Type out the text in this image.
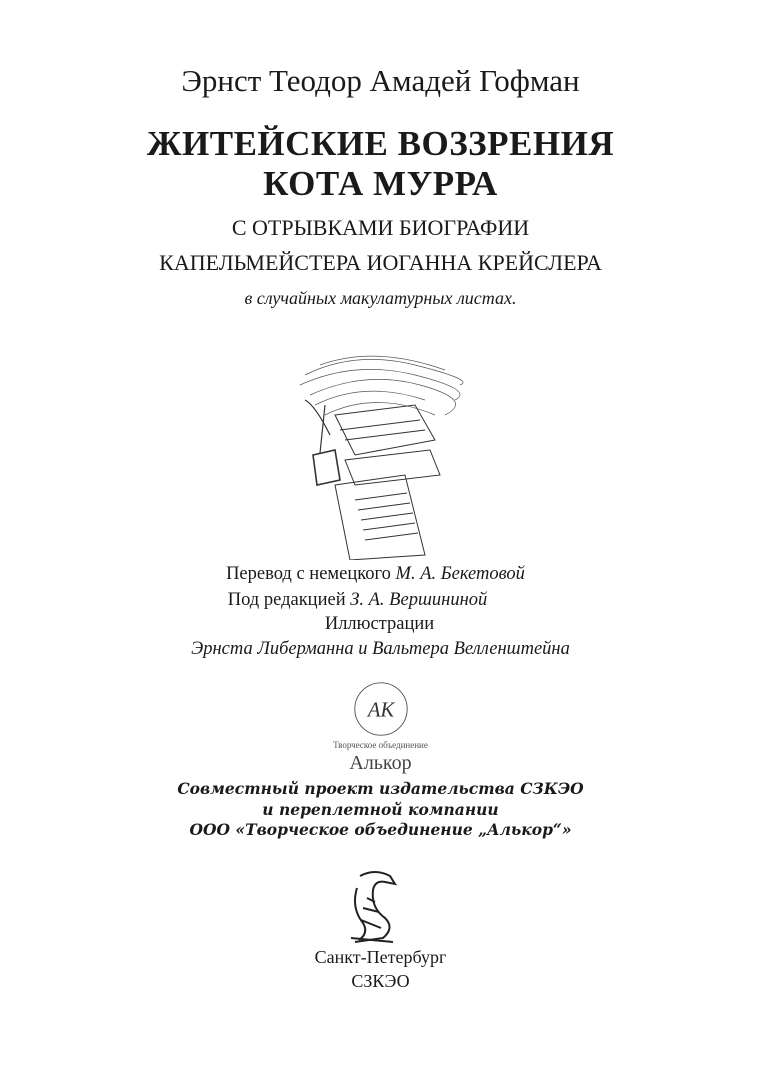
Эрнст Теодор Амадей Гофман
ЖИТЕЙСКИЕ ВОЗЗРЕНИЯ
КОТА МУРРА
С ОТРЫВКАМИ БИОГРАФИИ
КАПЕЛЬМЕЙСТЕРА ИОГАННА КРЕЙСЛЕРА
в случайных макулатурных листах.
Перевод с немецкого М. А. Бекетовой
Под редакцией З. А. Вершининой
Иллюстрации
Эрнста Либерманна и Вальтера Велленштейна
АК
Творческое объединение
Алькор
Совместный проект издательства СЗКЭО
и переплетной компании
ООО «Творческое объединение „Алькор“»
Санкт-Петербург
СЗКЭО
